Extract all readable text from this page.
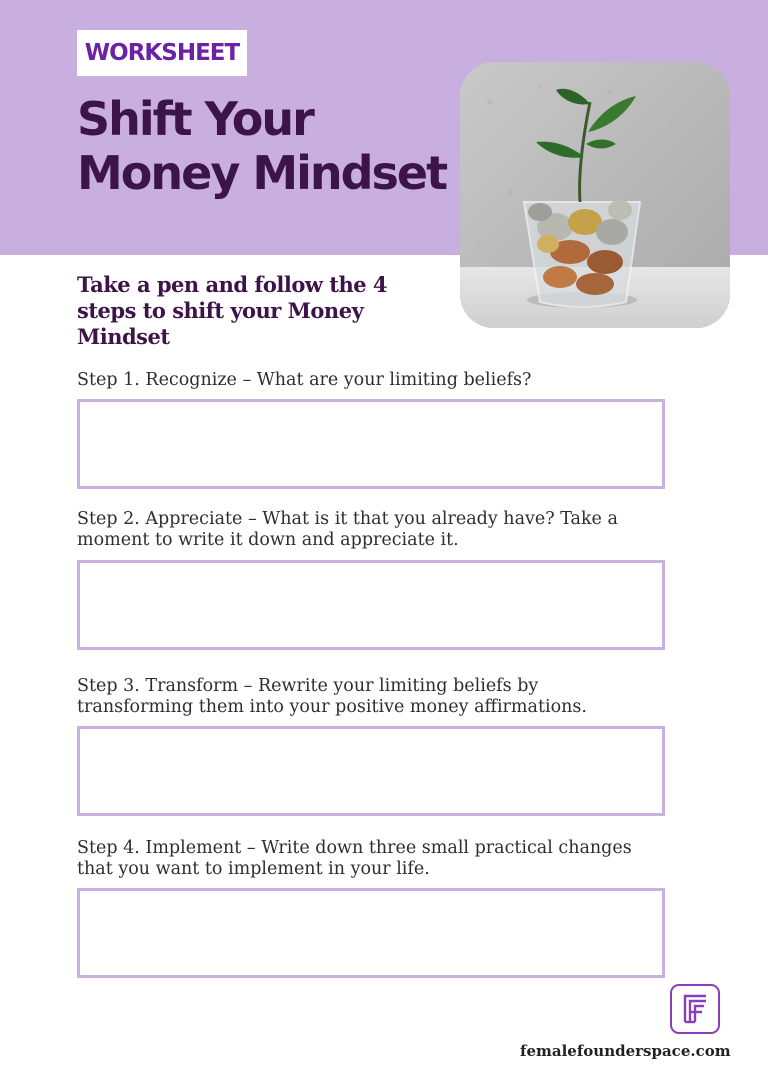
WORKSHEET
Shift Your
Money Mindset
Take a pen and follow the 4 steps to shift your Money Mindset
Step 1. Recognize – What are your limiting beliefs?
Step 2. Appreciate – What is it that you already have? Take a
moment to write it down and appreciate it.
Step 3. Transform – Rewrite your limiting beliefs by
transforming them into your positive money affirmations.
Step 4. Implement – Write down three small practical changes
that you want to implement in your life.
femalefounderspace.com
